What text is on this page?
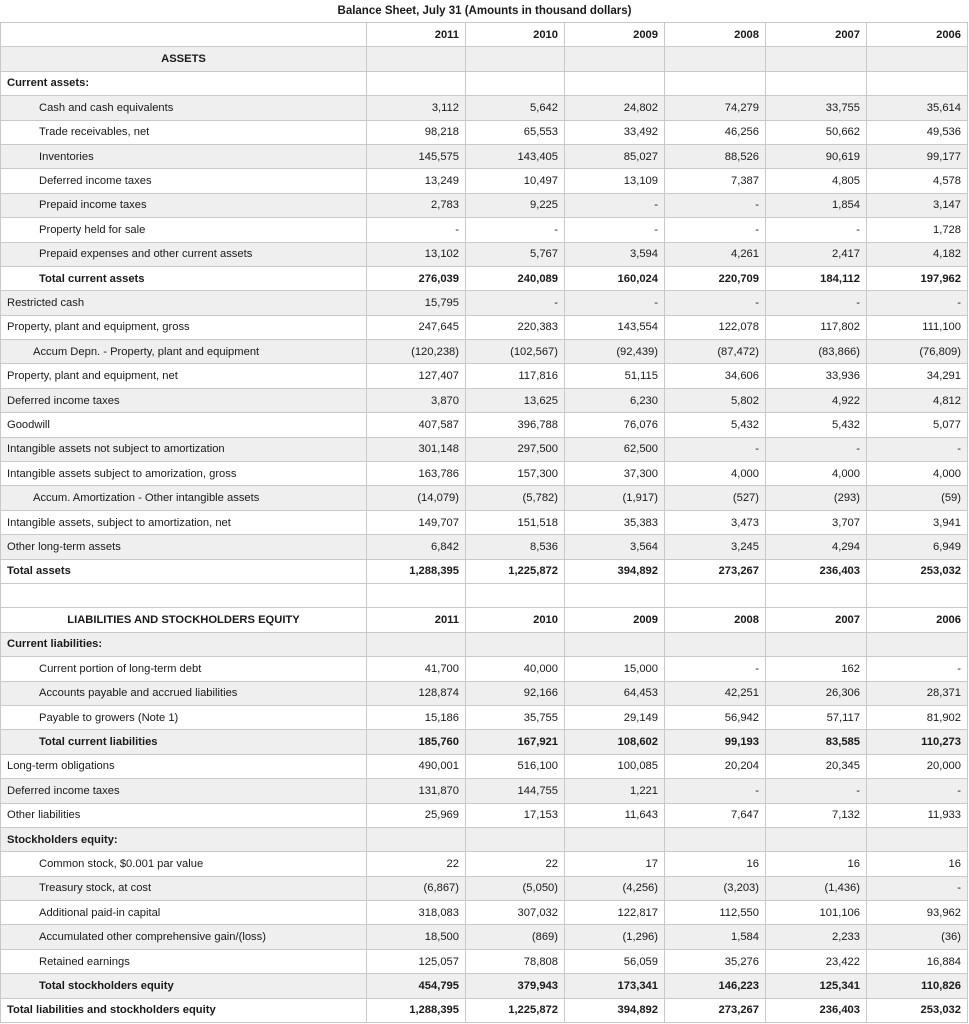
Balance Sheet, July 31 (Amounts in thousand dollars)
	2011	2010	2009	2008	2007	2006
ASSETS						
Current assets:						
Cash and cash equivalents	3,112	5,642	24,802	74,279	33,755	35,614
Trade receivables, net	98,218	65,553	33,492	46,256	50,662	49,536
Inventories	145,575	143,405	85,027	88,526	90,619	99,177
Deferred income taxes	13,249	10,497	13,109	7,387	4,805	4,578
Prepaid income taxes	2,783	9,225	-	-	1,854	3,147
Property held for sale	-	-	-	-	-	1,728
Prepaid expenses and other current assets	13,102	5,767	3,594	4,261	2,417	4,182
Total current assets	276,039	240,089	160,024	220,709	184,112	197,962
Restricted cash	15,795	-	-	-	-	-
Property, plant and equipment, gross	247,645	220,383	143,554	122,078	117,802	111,100
Accum Depn. - Property, plant and equipment	(120,238)	(102,567)	(92,439)	(87,472)	(83,866)	(76,809)
Property, plant and equipment, net	127,407	117,816	51,115	34,606	33,936	34,291
Deferred income taxes	3,870	13,625	6,230	5,802	4,922	4,812
Goodwill	407,587	396,788	76,076	5,432	5,432	5,077
Intangible assets not subject to amortization	301,148	297,500	62,500	-	-	-
Intangible assets subject to amorization, gross	163,786	157,300	37,300	4,000	4,000	4,000
Accum. Amortization - Other intangible assets	(14,079)	(5,782)	(1,917)	(527)	(293)	(59)
Intangible assets, subject to amortization, net	149,707	151,518	35,383	3,473	3,707	3,941
Other long-term assets	6,842	8,536	3,564	3,245	4,294	6,949
Total assets	1,288,395	1,225,872	394,892	273,267	236,403	253,032

LIABILITIES AND STOCKHOLDERS EQUITY	2011	2010	2009	2008	2007	2006
Current liabilities:						
Current portion of long-term debt	41,700	40,000	15,000	-	162	-
Accounts payable and accrued liabilities	128,874	92,166	64,453	42,251	26,306	28,371
Payable to growers (Note 1)	15,186	35,755	29,149	56,942	57,117	81,902
Total current liabilities	185,760	167,921	108,602	99,193	83,585	110,273
Long-term obligations	490,001	516,100	100,085	20,204	20,345	20,000
Deferred income taxes	131,870	144,755	1,221	-	-	-
Other liabilities	25,969	17,153	11,643	7,647	7,132	11,933
Stockholders equity:						
Common stock, $0.001 par value	22	22	17	16	16	16
Treasury stock, at cost	(6,867)	(5,050)	(4,256)	(3,203)	(1,436)	-
Additional paid-in capital	318,083	307,032	122,817	112,550	101,106	93,962
Accumulated other comprehensive gain/(loss)	18,500	(869)	(1,296)	1,584	2,233	(36)
Retained earnings	125,057	78,808	56,059	35,276	23,422	16,884
Total stockholders equity	454,795	379,943	173,341	146,223	125,341	110,826
Total liabilities and stockholders equity	1,288,395	1,225,872	394,892	273,267	236,403	253,032
